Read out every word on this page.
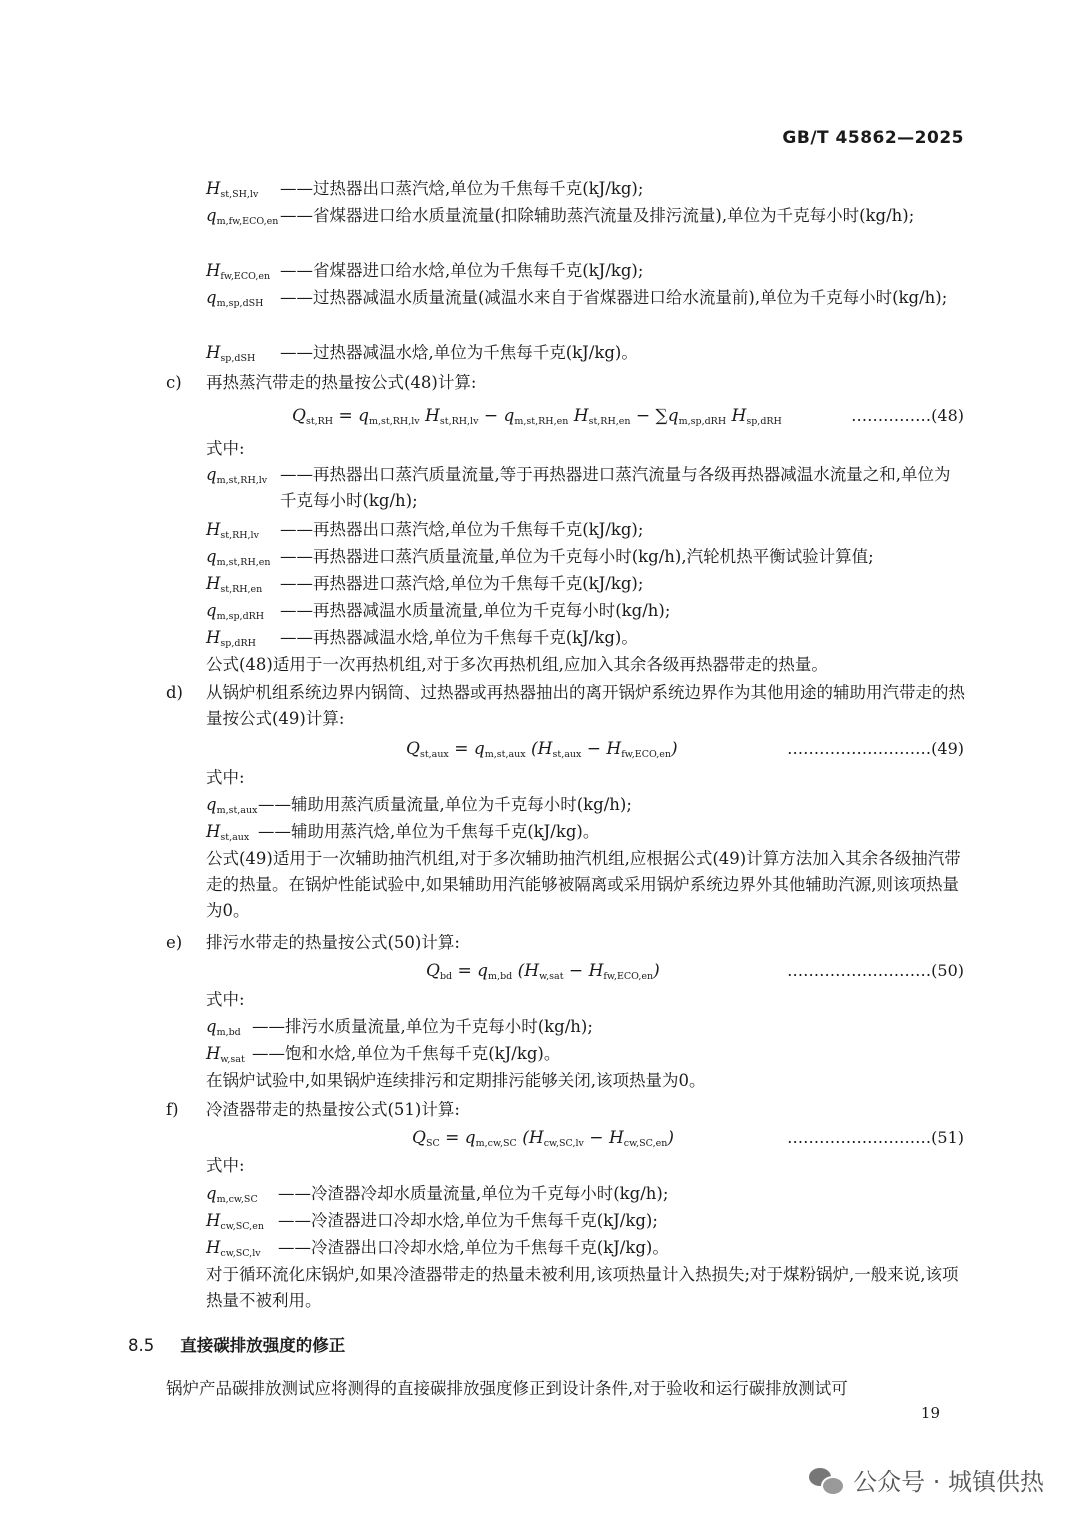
GB/T 45862—2025
$H_{st,SH,lv}$ ——过热器出口蒸汽焓,单位为千焦每千克(kJ/kg);
$q_{m,fw,ECO,en}$ ——省煤器进口给水质量流量(扣除辅助蒸汽流量及排污流量),单位为千克每小时(kg/h);
$H_{fw,ECO,en}$ ——省煤器进口给水焓,单位为千焦每千克(kJ/kg);
$q_{m,sp,dSH}$ ——过热器减温水质量流量(减温水来自于省煤器进口给水流量前),单位为千克每小时(kg/h);
$H_{sp,dSH}$ ——过热器减温水焓,单位为千焦每千克(kJ/kg)。
c) 再热蒸汽带走的热量按公式(48)计算:
$Q_{st,RH} = q_{m,st,RH,lv}$ $H_{st,RH,lv} - q_{m,st,RH,en}$ $H_{st,RH,en} - \sum q_{m,sp,dRH}$ $H_{sp,dRH}$	……………(48)
式中:
$q_{m,st,RH,lv}$ ——再热器出口蒸汽质量流量,等于再热器进口蒸汽流量与各级再热器减温水流量之和,单位为千克每小时(kg/h);
$H_{st,RH,lv}$ ——再热器出口蒸汽焓,单位为千焦每千克(kJ/kg);
$q_{m,st,RH,en}$ ——再热器进口蒸汽质量流量,单位为千克每小时(kg/h),汽轮机热平衡试验计算值;
$H_{st,RH,en}$ ——再热器进口蒸汽焓,单位为千焦每千克(kJ/kg);
$q_{m,sp,dRH}$ ——再热器减温水质量流量,单位为千克每小时(kg/h);
$H_{sp,dRH}$ ——再热器减温水焓,单位为千焦每千克(kJ/kg)。
公式(48)适用于一次再热机组,对于多次再热机组,应加入其余各级再热器带走的热量。
d) 从锅炉机组系统边界内锅筒、过热器或再热器抽出的离开锅炉系统边界作为其他用途的辅助用汽带走的热量按公式(49)计算:
$Q_{st,aux} = q_{m,st,aux}$ $(H_{st,aux} - H_{fw,ECO,en})$	………………………(49)
式中:
$q_{m,st,aux}$ ——辅助用蒸汽质量流量,单位为千克每小时(kg/h);
$H_{st,aux}$ ——辅助用蒸汽焓,单位为千焦每千克(kJ/kg)。
公式(49)适用于一次辅助抽汽机组,对于多次辅助抽汽机组,应根据公式(49)计算方法加入其余各级抽汽带走的热量。在锅炉性能试验中,如果辅助用汽能够被隔离或采用锅炉系统边界外其他辅助汽源,则该项热量为0。
e) 排污水带走的热量按公式(50)计算:
$Q_{bd} = q_{m,bd}$ $(H_{w,sat} - H_{fw,ECO,en})$	………………………(50)
式中:
$q_{m,bd}$ ——排污水质量流量,单位为千克每小时(kg/h);
$H_{w,sat}$ ——饱和水焓,单位为千焦每千克(kJ/kg)。
在锅炉试验中,如果锅炉连续排污和定期排污能够关闭,该项热量为0。
f) 冷渣器带走的热量按公式(51)计算:
$Q_{SC} = q_{m,cw,SC}$ $(H_{cw,SC,lv} - H_{cw,SC,en})$	………………………(51)
式中:
$q_{m,cw,SC}$ ——冷渣器冷却水质量流量,单位为千克每小时(kg/h);
$H_{cw,SC,en}$ ——冷渣器进口冷却水焓,单位为千焦每千克(kJ/kg);
$H_{cw,SC,lv}$ ——冷渣器出口冷却水焓,单位为千焦每千克(kJ/kg)。
对于循环流化床锅炉,如果冷渣器带走的热量未被利用,该项热量计入热损失;对于煤粉锅炉,一般来说,该项热量不被利用。
8.5 直接碳排放强度的修正
锅炉产品碳排放测试应将测得的直接碳排放强度修正到设计条件,对于验收和运行碳排放测试可
19
公众号 · 城镇供热
